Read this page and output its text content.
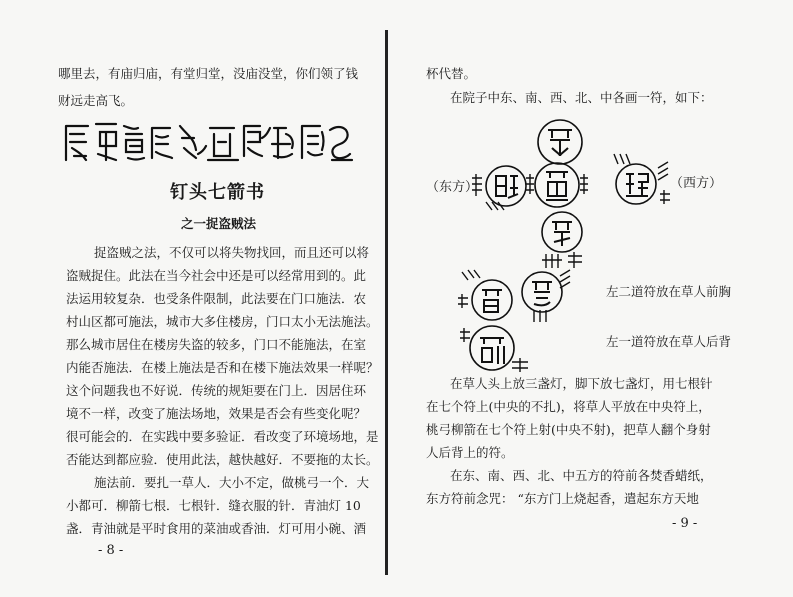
哪里去，有庙归庙，有堂归堂，没庙没堂，你们领了钱
财远走高飞。
钉头七箭书
之一捉盗贼法
捉盗贼之法，不仅可以将失物找回，而且还可以将
盗贼捉住。此法在当今社会中还是可以经常用到的。此
法运用较复杂．也受条件限制，此法要在门口施法．农
村山区都可施法，城市大多住楼房，门口太小无法施法。
那么城市居住在楼房失盗的较多，门口不能施法，在室
内能否施法．在楼上施法是否和在楼下施法效果一样呢？
这个问题我也不好说．传统的规矩要在门上．因居住环
境不一样，改变了施法场地，效果是否会有些变化呢？
很可能会的．在实践中要多验证．看改变了环境场地，是
否能达到都应验．使用此法，越快越好．不要拖的太长。
施法前．要扎一草人．大小不定，做桃弓一个．大
小都可．柳箭七根．七根针．缝衣服的针．青油灯 10
盏．青油就是平时食用的菜油或香油．灯可用小碗、酒
- 8 -
杯代替。
在院子中东、南、西、北、中各画一符，如下：
（东方）	（西方）
左二道符放在草人前胸
左一道符放在草人后背
在草人头上放三盏灯，脚下放七盏灯，用七根针
在七个符上(中央的不扎)，将草人平放在中央符上，
桃弓柳箭在七个符上射(中央不射)，把草人翻个身射
人后背上的符。
在东、南、西、北、中五方的符前各焚香蜡纸，
东方符前念咒： “东方门上烧起香，遣起东方天地
- 9 -
